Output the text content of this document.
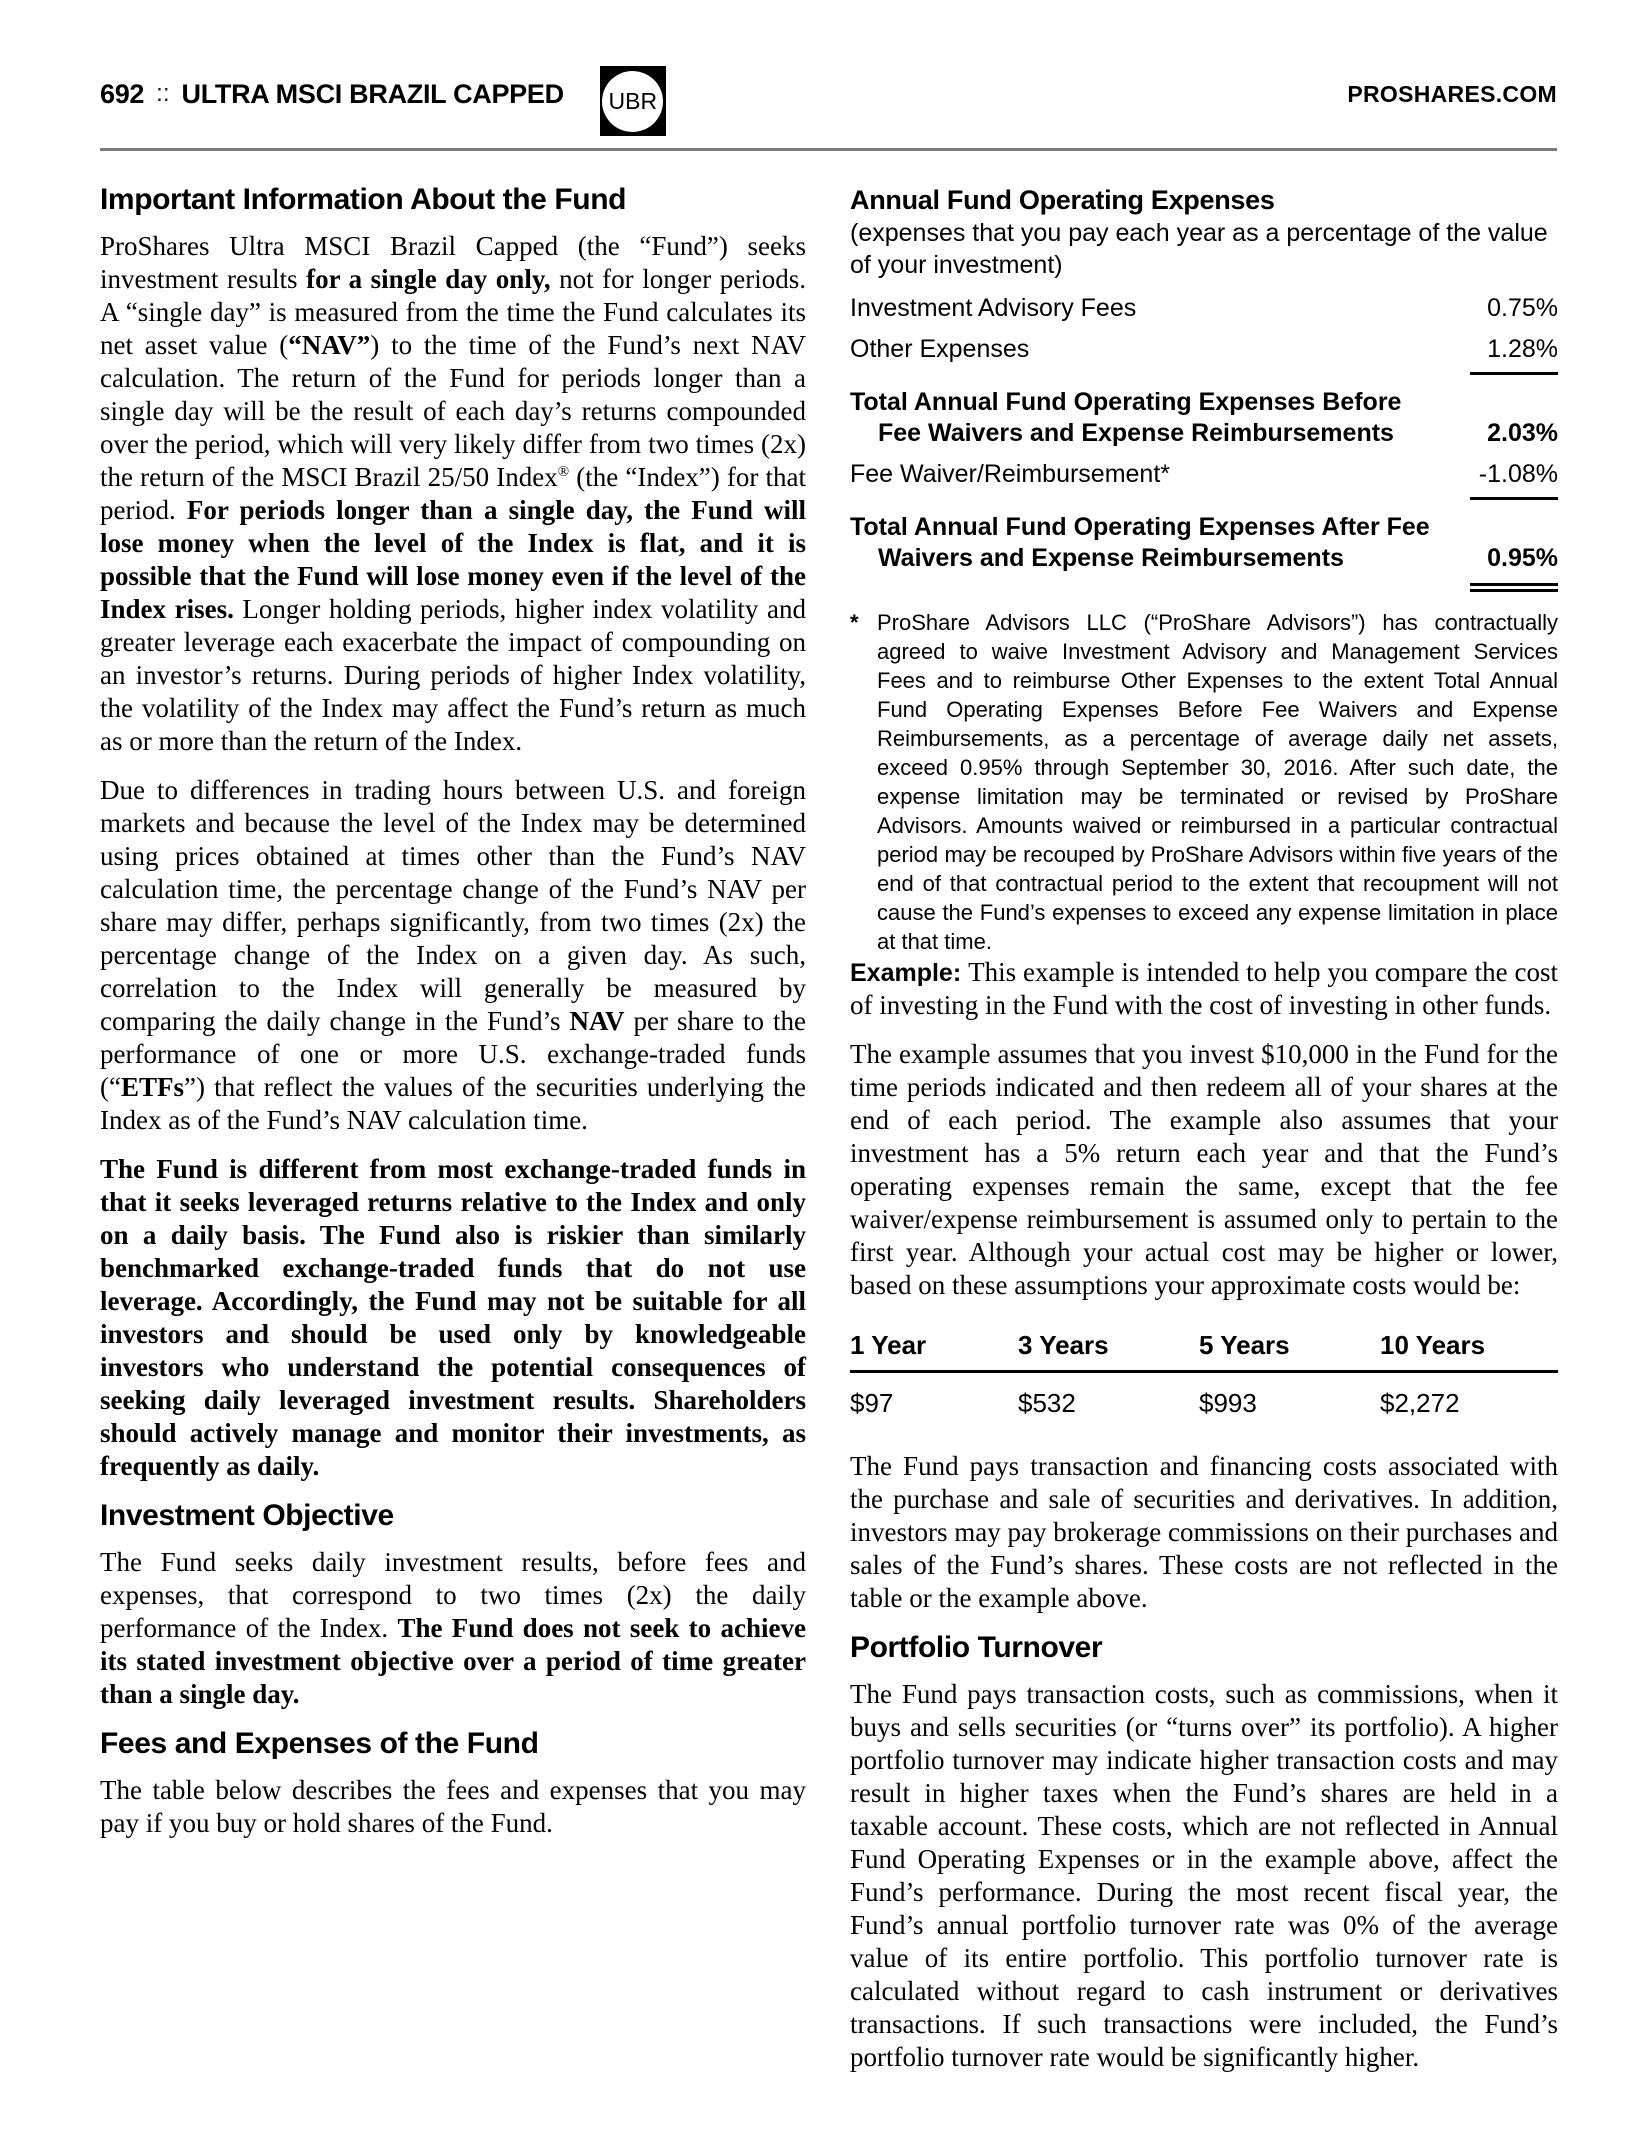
692 :: ULTRA MSCI BRAZIL CAPPED UBR	PROSHARES.COM
Important Information About the Fund

ProShares Ultra MSCI Brazil Capped (the “Fund”) seeks investment results for a single day only, not for longer periods. A “single day” is measured from the time the Fund calculates its net asset value (“NAV”) to the time of the Fund’s next NAV calculation. The return of the Fund for periods longer than a single day will be the result of each day’s returns compounded over the period, which will very likely differ from two times (2x) the return of the MSCI Brazil 25/50 Index® (the “Index”) for that period. For periods longer than a single day, the Fund will lose money when the level of the Index is flat, and it is possible that the Fund will lose money even if the level of the Index rises. Longer holding periods, higher index volatility and greater leverage each exacerbate the impact of compounding on an investor’s returns. During periods of higher Index volatility, the volatility of the Index may affect the Fund’s return as much as or more than the return of the Index.

Due to differences in trading hours between U.S. and foreign markets and because the level of the Index may be determined using prices obtained at times other than the Fund’s NAV calculation time, the percentage change of the Fund’s NAV per share may differ, perhaps significantly, from two times (2x) the percentage change of the Index on a given day. As such, correlation to the Index will generally be measured by comparing the daily change in the Fund’s NAV per share to the performance of one or more U.S. exchange-traded funds (“ETFs”) that reflect the values of the securities underlying the Index as of the Fund’s NAV calculation time.

The Fund is different from most exchange-traded funds in that it seeks leveraged returns relative to the Index and only on a daily basis. The Fund also is riskier than similarly benchmarked exchange-traded funds that do not use leverage. Accordingly, the Fund may not be suitable for all investors and should be used only by knowledgeable investors who understand the potential consequences of seeking daily leveraged investment results. Shareholders should actively manage and monitor their investments, as frequently as daily.

Investment Objective

The Fund seeks daily investment results, before fees and expenses, that correspond to two times (2x) the daily performance of the Index. The Fund does not seek to achieve its stated investment objective over a period of time greater than a single day.

Fees and Expenses of the Fund

The table below describes the fees and expenses that you may pay if you buy or hold shares of the Fund.

Annual Fund Operating Expenses

(expenses that you pay each year as a percentage of the value of your investment)

Investment Advisory Fees	0.75%
Other Expenses	1.28%
Total Annual Fund Operating Expenses Before
Fee Waivers and Expense Reimbursements	2.03%
Fee Waiver/Reimbursement*	-1.08%
Total Annual Fund Operating Expenses After Fee
Waivers and Expense Reimbursements	0.95%
* ProShare Advisors LLC (“ProShare Advisors”) has contractually agreed to waive Investment Advisory and Management Services Fees and to reimburse Other Expenses to the extent Total Annual Fund Operating Expenses Before Fee Waivers and Expense Reimbursements, as a percentage of average daily net assets, exceed 0.95% through September 30, 2016. After such date, the expense limitation may be terminated or revised by ProShare Advisors. Amounts waived or reimbursed in a particular contractual period may be recouped by ProShare Advisors within five years of the end of that contractual period to the extent that recoupment will not cause the Fund’s expenses to exceed any expense limitation in place at that time.

Example: This example is intended to help you compare the cost of investing in the Fund with the cost of investing in other funds.

The example assumes that you invest $10,000 in the Fund for the time periods indicated and then redeem all of your shares at the end of each period. The example also assumes that your investment has a 5% return each year and that the Fund’s operating expenses remain the same, except that the fee waiver/expense reimbursement is assumed only to pertain to the first year. Although your actual cost may be higher or lower, based on these assumptions your approximate costs would be:

1 Year	3 Years	5 Years	10 Years
$97	$532	$993	$2,272

The Fund pays transaction and financing costs associated with the purchase and sale of securities and derivatives. In addition, investors may pay brokerage commissions on their purchases and sales of the Fund’s shares. These costs are not reflected in the table or the example above.

Portfolio Turnover

The Fund pays transaction costs, such as commissions, when it buys and sells securities (or “turns over” its portfolio). A higher portfolio turnover may indicate higher transaction costs and may result in higher taxes when the Fund’s shares are held in a taxable account. These costs, which are not reflected in Annual Fund Operating Expenses or in the example above, affect the Fund’s performance. During the most recent fiscal year, the Fund’s annual portfolio turnover rate was 0% of the average value of its entire portfolio. This portfolio turnover rate is calculated without regard to cash instrument or derivatives transactions. If such transactions were included, the Fund’s portfolio turnover rate would be significantly higher.
